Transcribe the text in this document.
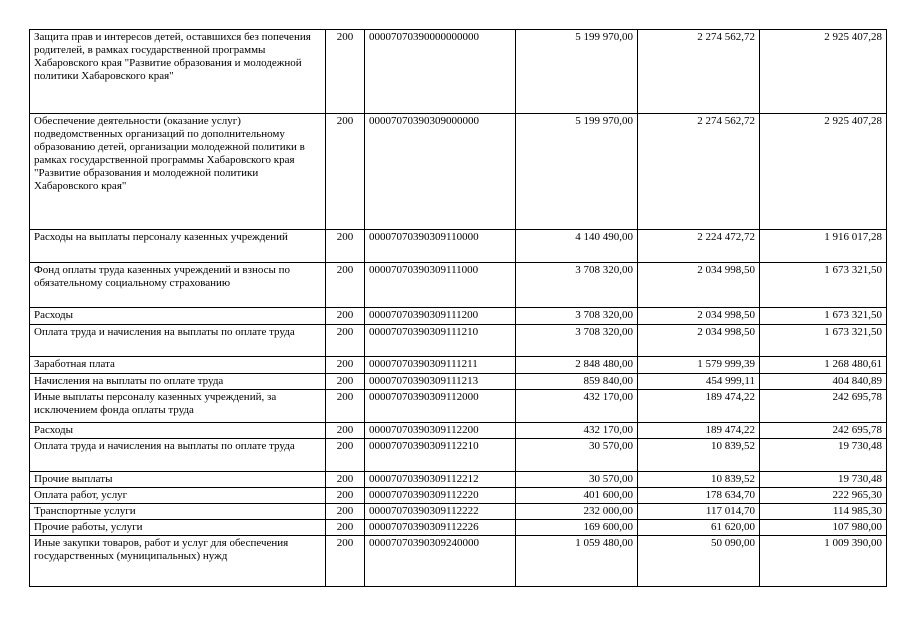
Защита прав и интересов детей, оставшихся без попечения родителей, в рамках государственной программы Хабаровского края "Развитие образования и молодежной политики Хабаровского края"	200	00007070390000000000	5 199 970,00	2 274 562,72	2 925 407,28
Обеспечение деятельности (оказание услуг) подведомственных организаций по дополнительному образованию детей, организации молодежной политики в рамках государственной программы Хабаровского края "Развитие образования и молодежной политики Хабаровского края"	200	00007070390309000000	5 199 970,00	2 274 562,72	2 925 407,28
Расходы на выплаты персоналу казенных учреждений	200	00007070390309110000	4 140 490,00	2 224 472,72	1 916 017,28
Фонд оплаты труда казенных учреждений и взносы по обязательному социальному страхованию	200	00007070390309111000	3 708 320,00	2 034 998,50	1 673 321,50
Расходы	200	00007070390309111200	3 708 320,00	2 034 998,50	1 673 321,50
Оплата труда и начисления на выплаты по оплате труда	200	00007070390309111210	3 708 320,00	2 034 998,50	1 673 321,50
Заработная плата	200	00007070390309111211	2 848 480,00	1 579 999,39	1 268 480,61
Начисления на выплаты по оплате труда	200	00007070390309111213	859 840,00	454 999,11	404 840,89
Иные выплаты персоналу казенных учреждений, за исключением фонда оплаты труда	200	00007070390309112000	432 170,00	189 474,22	242 695,78
Расходы	200	00007070390309112200	432 170,00	189 474,22	242 695,78
Оплата труда и начисления на выплаты по оплате труда	200	00007070390309112210	30 570,00	10 839,52	19 730,48
Прочие выплаты	200	00007070390309112212	30 570,00	10 839,52	19 730,48
Оплата работ, услуг	200	00007070390309112220	401 600,00	178 634,70	222 965,30
Транспортные услуги	200	00007070390309112222	232 000,00	117 014,70	114 985,30
Прочие работы, услуги	200	00007070390309112226	169 600,00	61 620,00	107 980,00
Иные закупки товаров, работ и услуг для обеспечения государственных (муниципальных) нужд	200	00007070390309240000	1 059 480,00	50 090,00	1 009 390,00
